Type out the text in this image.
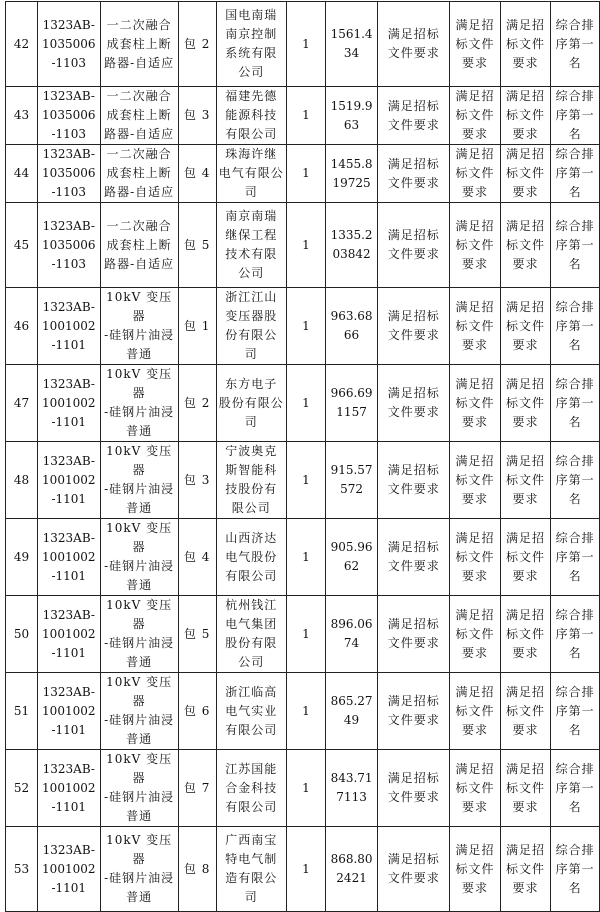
42	1323AB-
1035006
-1103	一二次融合
成套柱上断
路器-自适应	包 2	国电南瑞
南京控制
系统有限
公司	1	1561.4
34	满足招标
文件要求	满足招
标文件
要求	满足招
标文件
要求	综合排
序第一
名

43	1323AB-
1035006
-1103	一二次融合
成套柱上断
路器-自适应	包 3	福建先德
能源科技
有限公司	1	1519.9
63	满足招标
文件要求	满足招
标文件
要求	满足招
标文件
要求	综合排
序第一
名

44	1323AB-
1035006
-1103	一二次融合
成套柱上断
路器-自适应	包 4	珠海许继
电气有限公司	1	1455.8
19725	满足招标
文件要求	满足招
标文件
要求	满足招
标文件
要求	综合排
序第一
名

45	1323AB-
1035006
-1103	一二次融合
成套柱上断
路器-自适应	包 5	南京南瑞
继保工程
技术有限
公司	1	1335.2
03842	满足招标
文件要求	满足招
标文件
要求	满足招
标文件
要求	综合排
序第一
名

46	1323AB-
1001002
-1101	10kV 变压器
-硅钢片油浸
普通	包 1	浙江江山
变压器股
份有限公
司	1	963.68
66	满足招标
文件要求	满足招
标文件
要求	满足招
标文件
要求	综合排
序第一
名

47	1323AB-
1001002
-1101	10kV 变压器
-硅钢片油浸
普通	包 2	东方电子
股份有限公司	1	966.69
1157	满足招标
文件要求	满足招
标文件
要求	满足招
标文件
要求	综合排
序第一
名

48	1323AB-
1001002
-1101	10kV 变压器
-硅钢片油浸
普通	包 3	宁波奥克
斯智能科
技股份有
限公司	1	915.57
572	满足招标
文件要求	满足招
标文件
要求	满足招
标文件
要求	综合排
序第一
名

49	1323AB-
1001002
-1101	10kV 变压器
-硅钢片油浸
普通	包 4	山西济达
电气股份
有限公司	1	905.96
62	满足招标
文件要求	满足招
标文件
要求	满足招
标文件
要求	综合排
序第一
名

50	1323AB-
1001002
-1101	10kV 变压器
-硅钢片油浸
普通	包 5	杭州钱江
电气集团
股份有限
公司	1	896.06
74	满足招标
文件要求	满足招
标文件
要求	满足招
标文件
要求	综合排
序第一
名

51	1323AB-
1001002
-1101	10kV 变压器
-硅钢片油浸
普通	包 6	浙江临高
电气实业
有限公司	1	865.27
49	满足招标
文件要求	满足招
标文件
要求	满足招
标文件
要求	综合排
序第一
名

52	1323AB-
1001002
-1101	10kV 变压器
-硅钢片油浸
普通	包 7	江苏国能
合金科技
有限公司	1	843.71
7113	满足招标
文件要求	满足招
标文件
要求	满足招
标文件
要求	综合排
序第一
名

53	1323AB-
1001002
-1101	10kV 变压器
-硅钢片油浸
普通	包 8	广西南宝
特电气制
造有限公
司	1	868.80
2421	满足招标
文件要求	满足招
标文件
要求	满足招
标文件
要求	综合排
序第一
名
